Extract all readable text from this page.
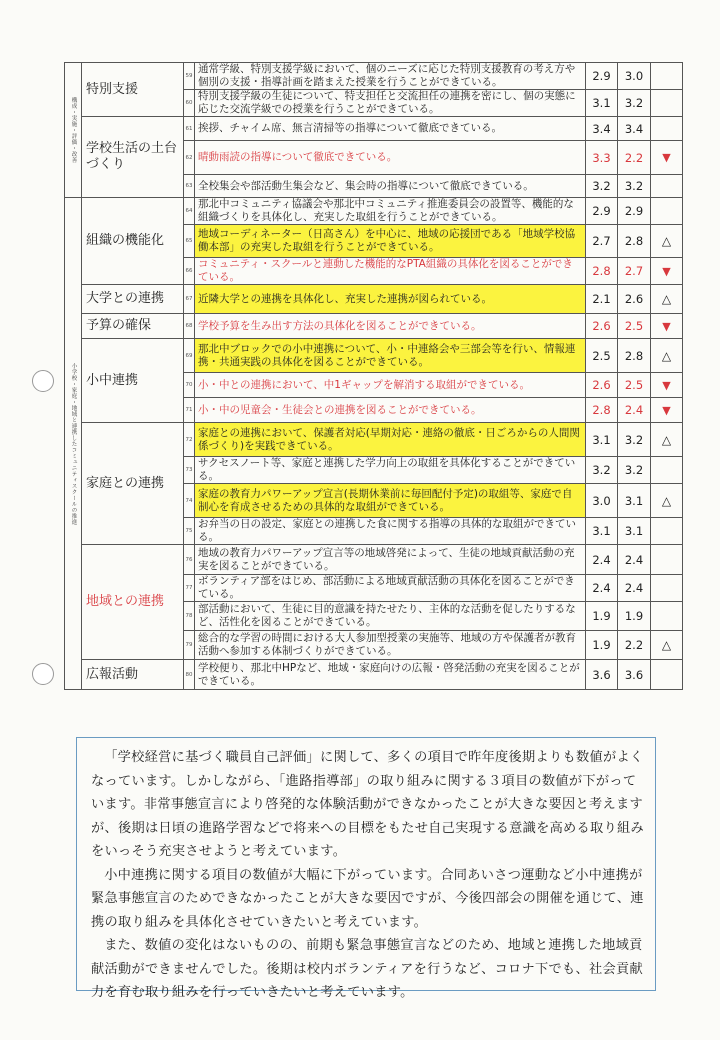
構成・実施・評価・改善	特別支援	59	通常学級、特別支援学級において、個のニーズに応じた特別支援教育の考え方や個別の支援・指導計画を踏まえた授業を行うことができている。	2.9	3.0	
		60	特別支援学級の生徒について、特支担任と交流担任の連携を密にし、個の実態に応じた交流学級での授業を行うことができている。	3.1	3.2	
	学校生活の土台づくり	61	挨拶、チャイム席、無言清掃等の指導について徹底できている。	3.4	3.4	
		62	晴動雨読の指導について徹底できている。	3.3	2.2	▼
		63	全校集会や部活動生集会など、集会時の指導について徹底できている。	3.2	3.2	

小学校・家庭・地域と連携したコミュニティスクールの推進	組織の機能化	64	那北中コミュニティ協議会や那北中コミュニティ推進委員会の設置等、機能的な組織づくりを具体化し、充実した取組を行うことができている。	2.9	2.9	
		65	地域コーディネーター（日高さん）を中心に、地域の応援団である「地域学校協働本部」の充実した取組を行うことができている。	2.7	2.8	△
		66	コミュニティ・スクールと連動した機能的なPTA組織の具体化を図ることができている。	2.8	2.7	▼
	大学との連携	67	近隣大学との連携を具体化し、充実した連携が図られている。	2.1	2.6	△
	予算の確保	68	学校予算を生み出す方法の具体化を図ることができている。	2.6	2.5	▼
	小中連携	69	那北中ブロックでの小中連携について、小・中連絡会や三部会等を行い、情報連携・共通実践の具体化を図ることができている。	2.5	2.8	△
		70	小・中との連携において、中1ギャップを解消する取組ができている。	2.6	2.5	▼
		71	小・中の児童会・生徒会との連携を図ることができている。	2.8	2.4	▼
	家庭との連携	72	家庭との連携において、保護者対応(早期対応・連絡の徹底・日ごろからの人間関係づくり)を実践できている。	3.1	3.2	△
		73	サクセスノート等、家庭と連携した学力向上の取組を具体化することができている。	3.2	3.2	
		74	家庭の教育力パワーアップ宣言(長期休業前に毎回配付予定)の取組等、家庭で自制心を育成させるための具体的な取組ができている。	3.0	3.1	△
		75	お弁当の日の設定、家庭との連携した食に関する指導の具体的な取組ができている。	3.1	3.1	
	地域との連携	76	地域の教育力パワーアップ宣言等の地域啓発によって、生徒の地域貢献活動の充実を図ることができている。	2.4	2.4	
		77	ボランティア部をはじめ、部活動による地域貢献活動の具体化を図ることができている。	2.4	2.4	
		78	部活動において、生徒に目的意識を持たせたり、主体的な活動を促したりするなど、活性化を図ることができている。	1.9	1.9	
		79	総合的な学習の時間における大人参加型授業の実施等、地域の方や保護者が教育活動へ参加する体制づくりができている。	1.9	2.2	△
	広報活動	80	学校便り、那北中HPなど、地域・家庭向けの広報・啓発活動の充実を図ることができている。	3.6	3.6	

「学校経営に基づく職員自己評価」に関して、多くの項目で昨年度後期よりも数値がよくなっています。しかしながら、「進路指導部」の取り組みに関する３項目の数値が下がっています。非常事態宣言により啓発的な体験活動ができなかったことが大きな要因と考えますが、後期は日頃の進路学習などで将来への目標をもたせ自己実現する意識を高める取り組みをいっそう充実させようと考えています。

小中連携に関する項目の数値が大幅に下がっています。合同あいさつ運動など小中連携が緊急事態宣言のためできなかったことが大きな要因ですが、今後四部会の開催を通じて、連携の取り組みを具体化させていきたいと考えています。

また、数値の変化はないものの、前期も緊急事態宣言などのため、地域と連携した地域貢献活動ができませんでした。後期は校内ボランティアを行うなど、コロナ下でも、社会貢献力を育む取り組みを行っていきたいと考えています。
